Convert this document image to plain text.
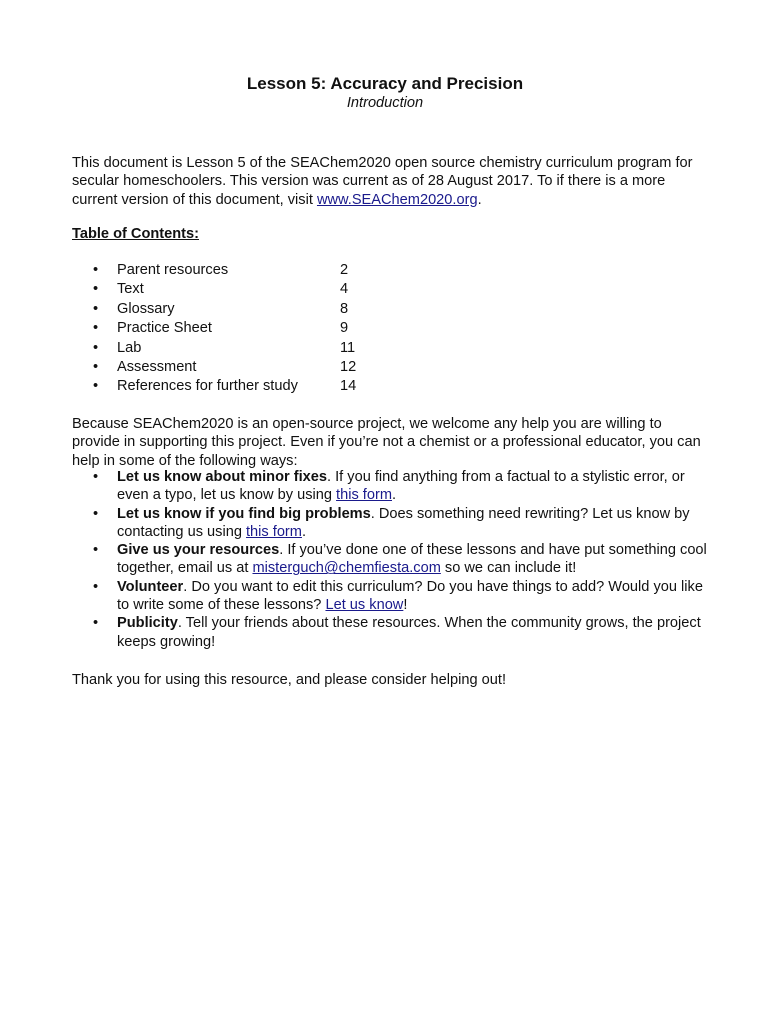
Lesson 5: Accuracy and Precision
Introduction

This document is Lesson 5 of the SEAChem2020 open source chemistry curriculum program for secular homeschoolers. This version was current as of 28 August 2017. To if there is a more current version of this document, visit www.SEAChem2020.org.

Table of Contents:
• Parent resources	2
• Text	4
• Glossary	8
• Practice Sheet	9
• Lab	11
• Assessment	12
• References for further study	14

Because SEAChem2020 is an open-source project, we welcome any help you are willing to provide in supporting this project. Even if you’re not a chemist or a professional educator, you can help in some of the following ways:

• Let us know about minor fixes. If you find anything from a factual to a stylistic error, or even a typo, let us know by using this form.
• Let us know if you find big problems. Does something need rewriting? Let us know by contacting us using this form.
• Give us your resources. If you’ve done one of these lessons and have put something cool together, email us at misterguch@chemfiesta.com so we can include it!
• Volunteer. Do you want to edit this curriculum? Do you have things to add? Would you like to write some of these lessons? Let us know!
• Publicity. Tell your friends about these resources. When the community grows, the project keeps growing!

Thank you for using this resource, and please consider helping out!
